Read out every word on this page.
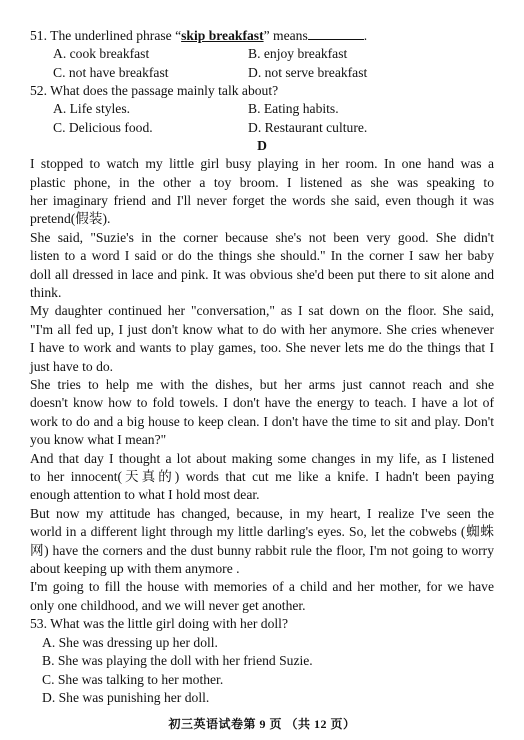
51. The underlined phrase “skip breakfast” means	.
A. cook breakfast	B. enjoy breakfast
C. not have breakfast	D. not serve breakfast
52. What does the passage mainly talk about?
A. Life styles.	B. Eating habits.
C. Delicious food.	D. Restaurant culture.
D
I stopped to watch my little girl busy playing in her room. In one hand was a
plastic phone, in the other a toy broom. I listened as she was speaking to
her imaginary friend and I'll never forget the words she said, even though it was
pretend(假装).
She said, "Suzie's in the corner because she's not been very good. She didn't
listen to a word I said or do the things she should." In the corner I saw her baby
doll all dressed in lace and pink. It was obvious she'd been put there to sit alone and
think.
My daughter continued her "conversation," as I sat down on the floor. She said,
"I'm all fed up, I just don't know what to do with her anymore. She cries whenever
I have to work and wants to play games, too. She never lets me do the things that I
just have to do.
She tries to help me with the dishes, but her arms just cannot reach and she
doesn't know how to fold towels. I don't have the energy to teach. I have a lot of
work to do and a big house to keep clean. I don't have the time to sit and play. Don't
you know what I mean?"
And that day I thought a lot about making some changes in my life, as I listened
to her innocent(天真的) words that cut me like a knife. I hadn't been paying
enough attention to what I hold most dear.
But now my attitude has changed, because, in my heart, I realize I've seen the
world in a different light through my little darling's eyes. So, let the cobwebs (蜘蛛
网) have the corners and the dust bunny rabbit rule the floor, I'm not going to worry
about keeping up with them anymore .
I'm going to fill the house with memories of a child and her mother, for we have
only one childhood, and we will never get another.
53. What was the little girl doing with her doll?
A. She was dressing up her doll.
B. She was playing the doll with her friend Suzie.
C. She was talking to her mother.
D. She was punishing her doll.
初三英语试卷第 9 页 （共 12 页）
